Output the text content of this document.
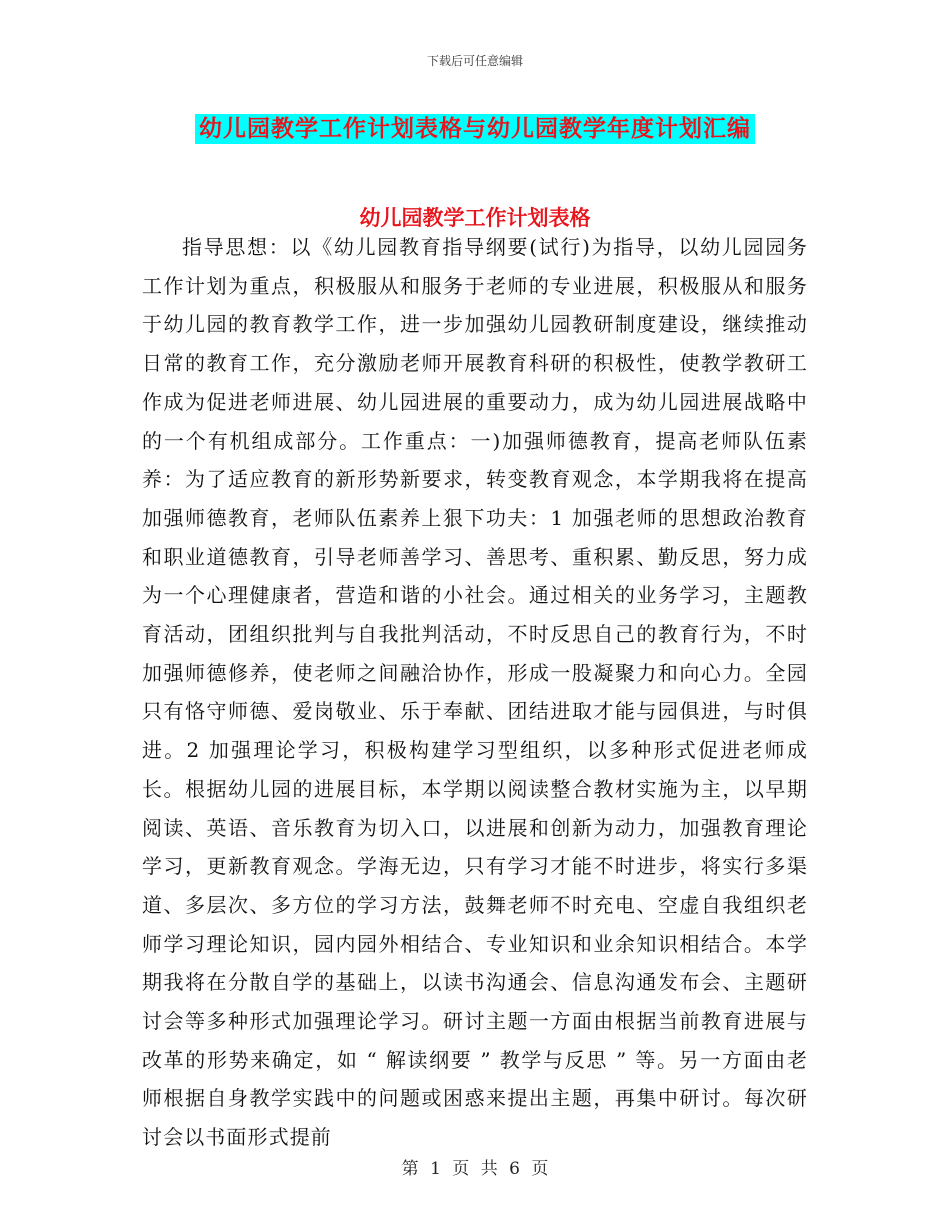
下载后可任意编辑
幼儿园教学工作计划表格与幼儿园教学年度计划汇编
幼儿园教学工作计划表格

指导思想：以《幼儿园教育指导纲要(试行)为指导，以幼儿园园务工作计划为重点，积极服从和服务于老师的专业进展，积极服从和服务于幼儿园的教育教学工作，进一步加强幼儿园教研制度建设，继续推动日常的教育工作，充分激励老师开展教育科研的积极性，使教学教研工作成为促进老师进展、幼儿园进展的重要动力，成为幼儿园进展战略中的一个有机组成部分。工作重点：一)加强师德教育，提高老师队伍素养：为了适应教育的新形势新要求，转变教育观念，本学期我将在提高加强师德教育，老师队伍素养上狠下功夫：1 加强老师的思想政治教育和职业道德教育，引导老师善学习、善思考、重积累、勤反思，努力成为一个心理健康者，营造和谐的小社会。通过相关的业务学习，主题教育活动，团组织批判与自我批判活动，不时反思自己的教育行为，不时加强师德修养，使老师之间融洽协作，形成一股凝聚力和向心力。全园只有恪守师德、爱岗敬业、乐于奉献、团结进取才能与园俱进，与时俱进。2 加强理论学习，积极构建学习型组织，以多种形式促进老师成长。根据幼儿园的进展目标，本学期以阅读整合教材实施为主，以早期阅读、英语、音乐教育为切入口，以进展和创新为动力，加强教育理论学习，更新教育观念。学海无边，只有学习才能不时进步，将实行多渠道、多层次、多方位的学习方法，鼓舞老师不时充电、空虚自我组织老师学习理论知识，园内园外相结合、专业知识和业余知识相结合。本学期我将在分散自学的基础上，以读书沟通会、信息沟通发布会、主题研讨会等多种形式加强理论学习。研讨主题一方面由根据当前教育进展与改革的形势来确定，如 “ 解读纲要 ” 教学与反思 ” 等。另一方面由老师根据自身教学实践中的问题或困惑来提出主题，再集中研讨。每次研讨会以书面形式提前

第 1 页 共 6 页
